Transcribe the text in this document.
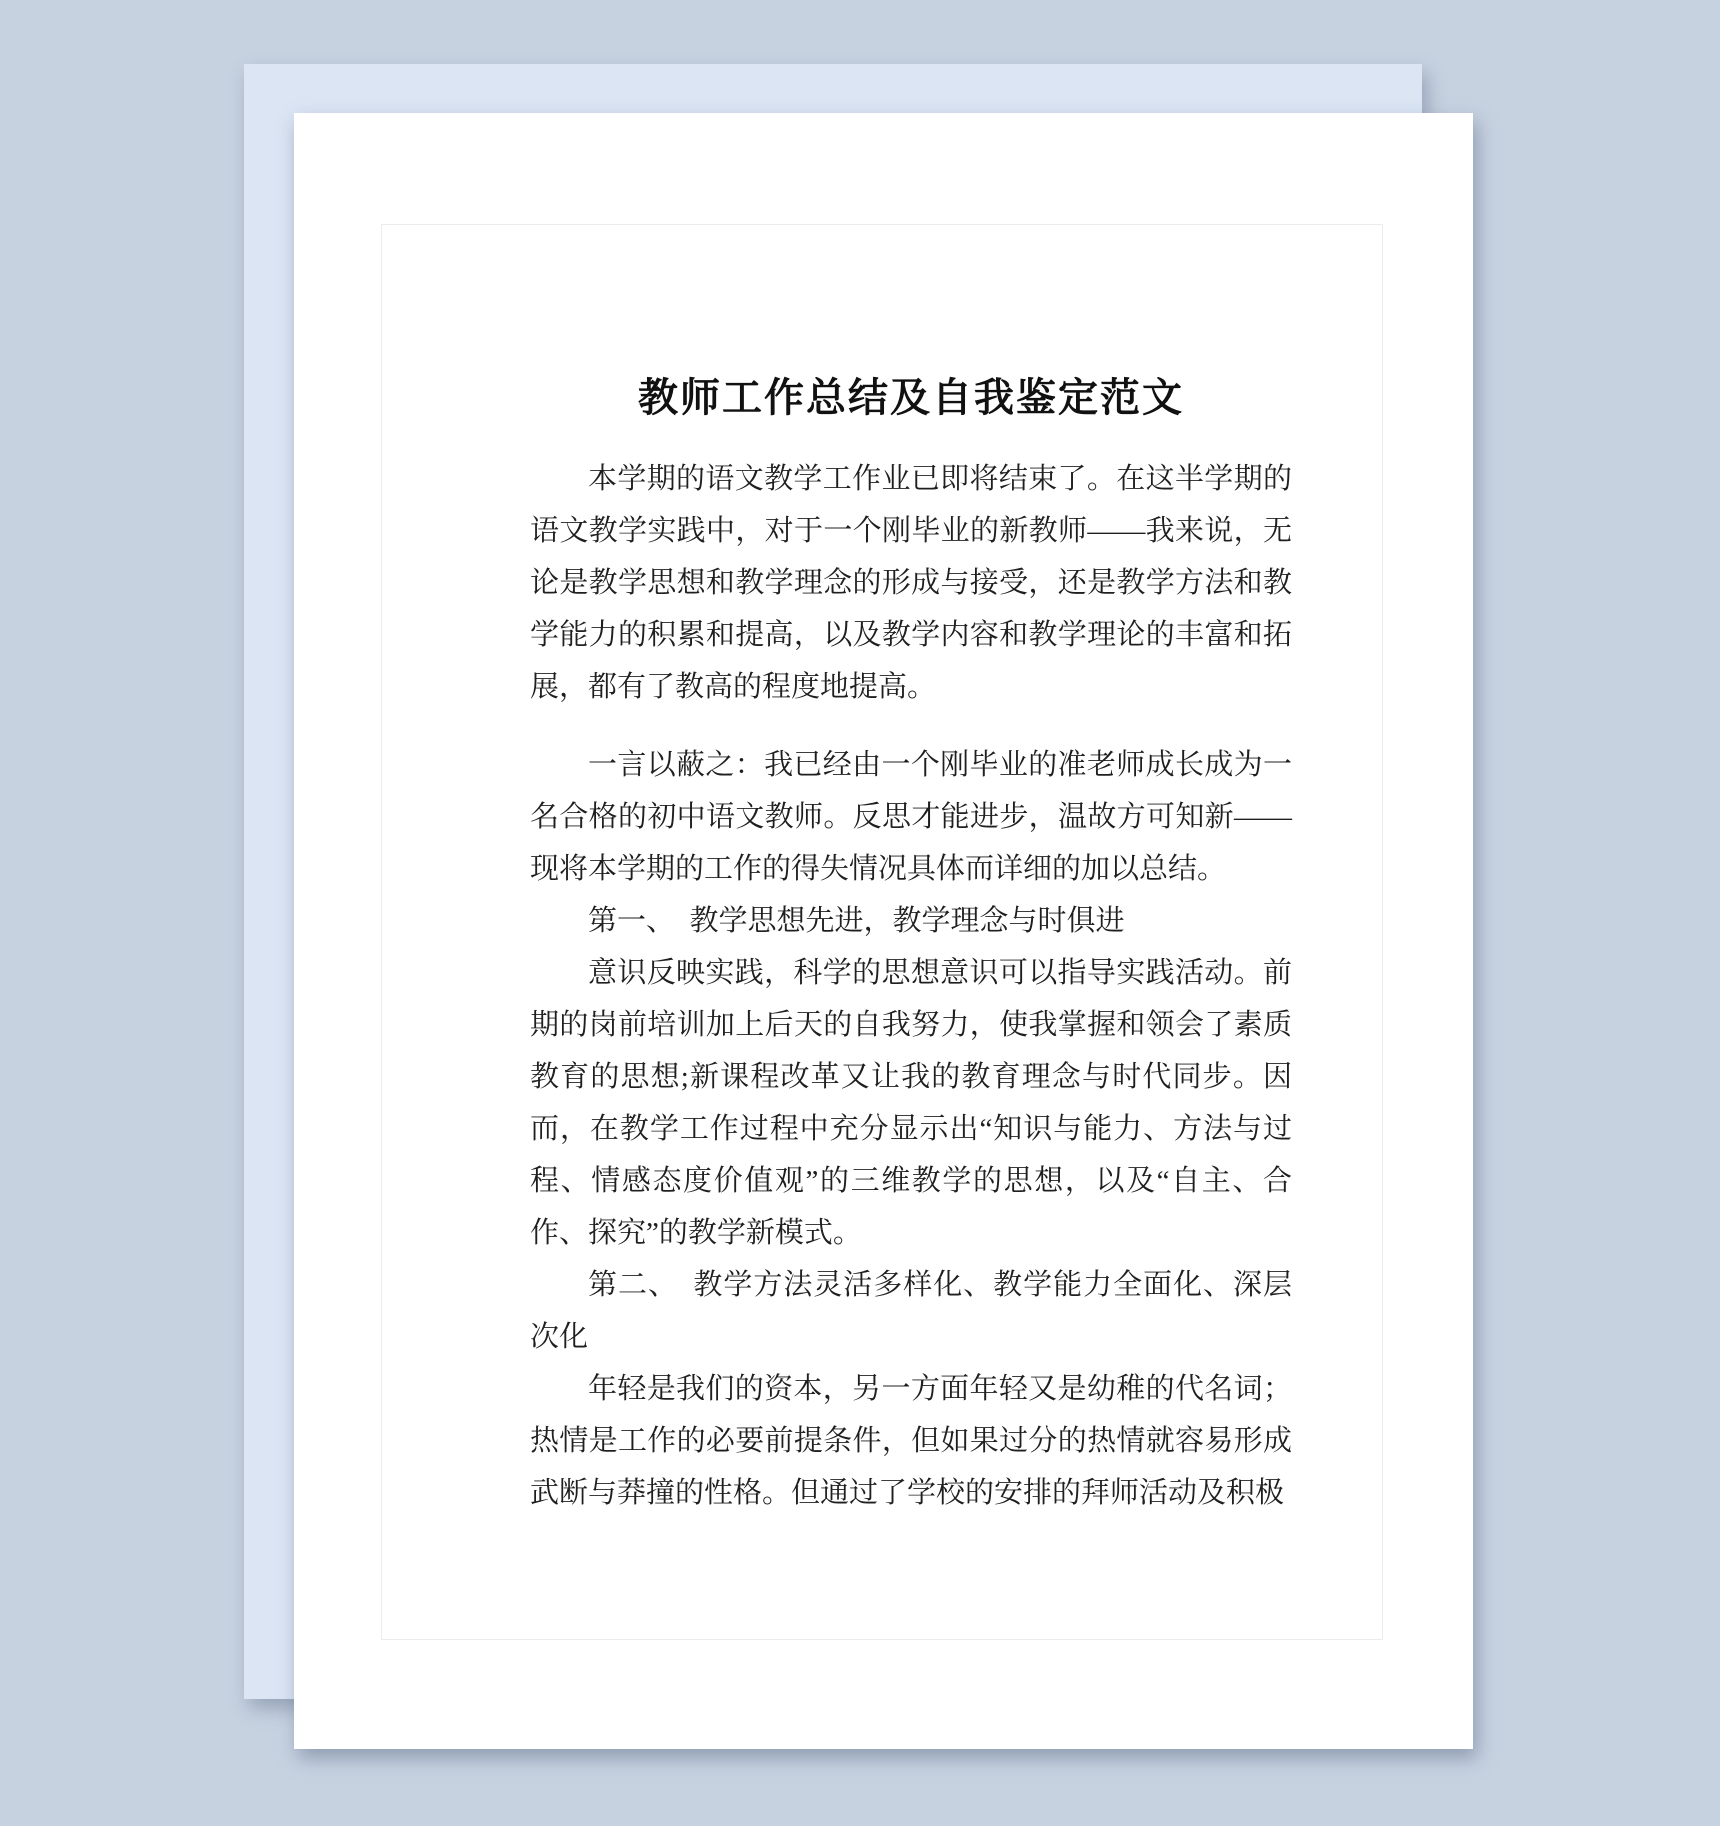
教师工作总结及自我鉴定范文

本学期的语文教学工作业已即将结束了。在这半学期的语文教学实践中，对于一个刚毕业的新教师——我来说，无论是教学思想和教学理念的形成与接受，还是教学方法和教学能力的积累和提高，以及教学内容和教学理论的丰富和拓展，都有了教高的程度地提高。

一言以蔽之：我已经由一个刚毕业的准老师成长成为一名合格的初中语文教师。反思才能进步，温故方可知新——现将本学期的工作的得失情况具体而详细的加以总结。

第一、　教学思想先进，教学理念与时俱进

意识反映实践，科学的思想意识可以指导实践活动。前期的岗前培训加上后天的自我努力，使我掌握和领会了素质教育的思想;新课程改革又让我的教育理念与时代同步。因而，在教学工作过程中充分显示出“知识与能力、方法与过程、情感态度价值观”的三维教学的思想，以及“自主、合作、探究”的教学新模式。

第二、　教学方法灵活多样化、教学能力全面化、深层次化

年轻是我们的资本，另一方面年轻又是幼稚的代名词；热情是工作的必要前提条件，但如果过分的热情就容易形成武断与莽撞的性格。但通过了学校的安排的拜师活动及积极
